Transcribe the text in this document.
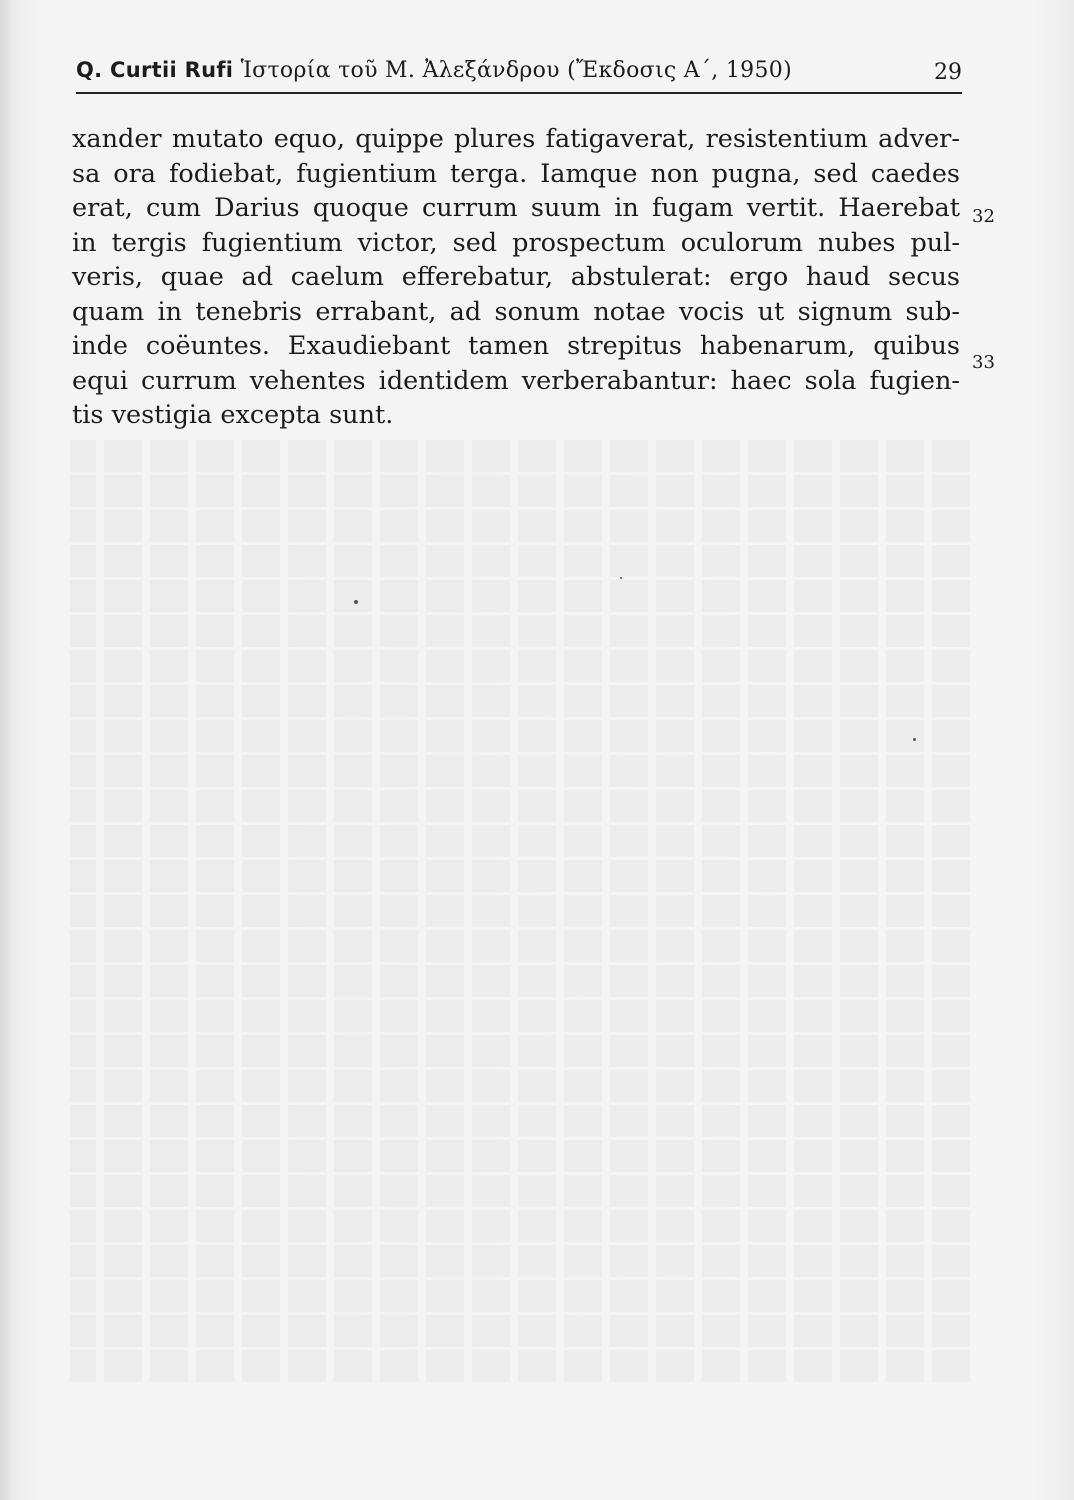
Q. Curtii Rufi Ἱστορία τοῦ Μ. Ἀλεξάνδρου (Ἔκδοσις Α΄, 1950)	29
xander mutato equo, quippe plures fatigaverat, resistentium adver-
sa ora fodiebat, fugientium terga. Iamque non pugna, sed caedes
erat, cum Darius quoque currum suum in fugam vertit. Haerebat
in tergis fugientium victor, sed prospectum oculorum nubes pul-
veris, quae ad caelum efferebatur, abstulerat: ergo haud secus
quam in tenebris errabant, ad sonum notae vocis ut signum sub-
inde coëuntes. Exaudiebant tamen strepitus habenarum, quibus
equi currum vehentes identidem verberabantur: haec sola fugien-
tis vestigia excepta sunt.
32
33
